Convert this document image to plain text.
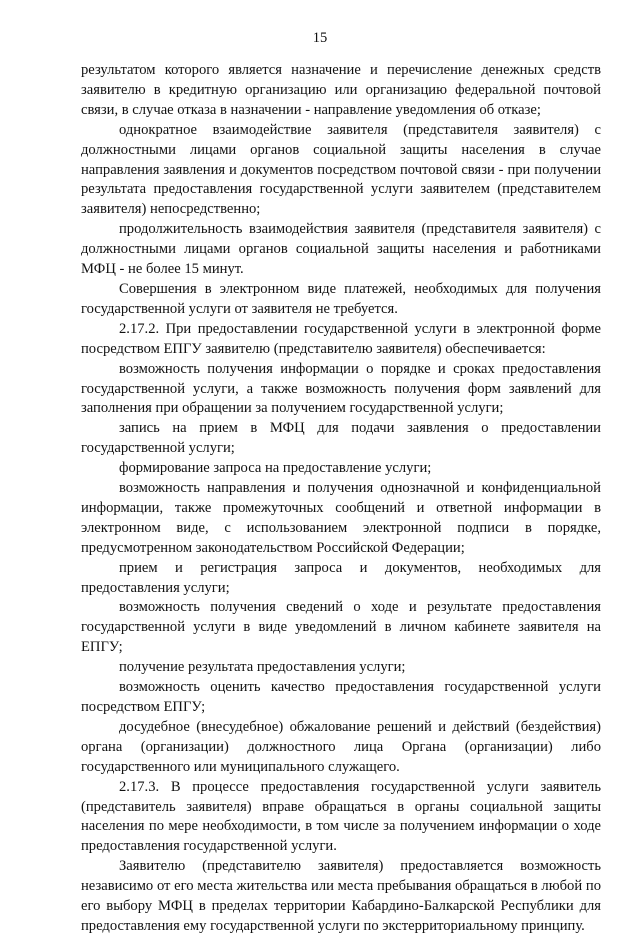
15

результатом которого является назначение и перечисление денежных средств заявителю в кредитную организацию или организацию федеральной почтовой связи, в случае отказа в назначении - направление уведомления об отказе;

однократное взаимодействие заявителя (представителя заявителя) с должностными лицами органов социальной защиты населения в случае направления заявления и документов посредством почтовой связи - при получении результата предоставления государственной услуги заявителем (представителем заявителя) непосредственно;

продолжительность взаимодействия заявителя (представителя заявителя) с должностными лицами органов социальной защиты населения и работниками МФЦ - не более 15 минут.

Совершения в электронном виде платежей, необходимых для получения государственной услуги от заявителя не требуется.

2.17.2. При предоставлении государственной услуги в электронной форме посредством ЕПГУ заявителю (представителю заявителя) обеспечивается:

возможность получения информации о порядке и сроках предоставления государственной услуги, а также возможность получения форм заявлений для заполнения при обращении за получением государственной услуги;

запись на прием в МФЦ для подачи заявления о предоставлении государственной услуги;

формирование запроса на предоставление услуги;

возможность направления и получения однозначной и конфиденциальной информации, также промежуточных сообщений и ответной информации в электронном виде, с использованием электронной подписи в порядке, предусмотренном законодательством Российской Федерации;

прием и регистрация запроса и документов, необходимых для предоставления услуги;

возможность получения сведений о ходе и результате предоставления государственной услуги в виде уведомлений в личном кабинете заявителя на ЕПГУ;

получение результата предоставления услуги;

возможность оценить качество предоставления государственной услуги посредством ЕПГУ;

досудебное (внесудебное) обжалование решений и действий (бездействия) органа (организации) должностного лица Органа (организации) либо государственного или муниципального служащего.

2.17.3. В процессе предоставления государственной услуги заявитель (представитель заявителя) вправе обращаться в органы социальной защиты населения по мере необходимости, в том числе за получением информации о ходе предоставления государственной услуги.

Заявителю (представителю заявителя) предоставляется возможность независимо от его места жительства или места пребывания обращаться в любой по его выбору МФЦ в пределах территории Кабардино-Балкарской Республики для предоставления ему государственной услуги по экстерриториальному принципу.
